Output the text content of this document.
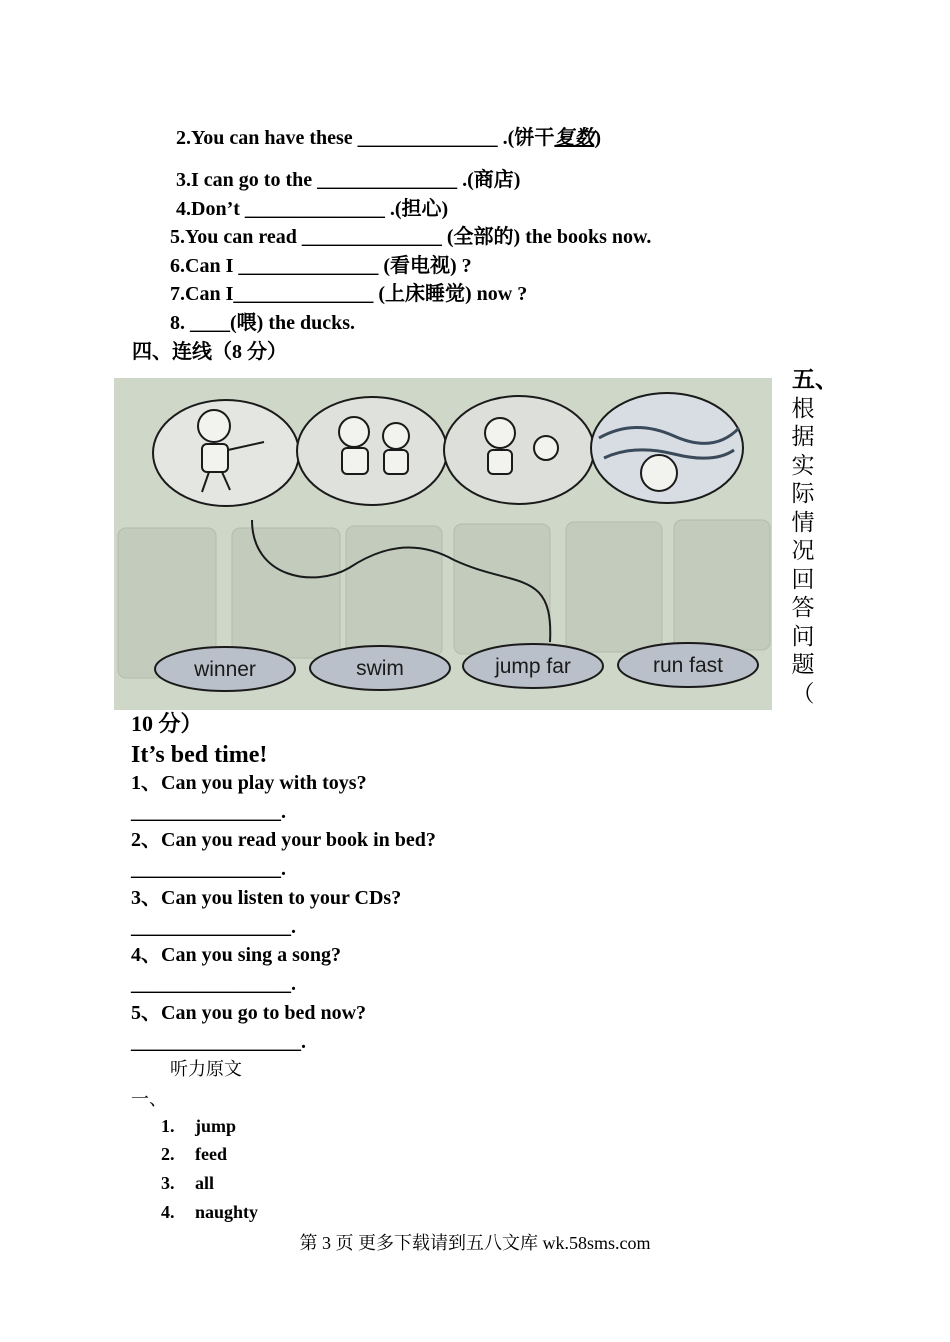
2.You can have these ______________ .(饼干复数)
3.I can go to the ______________ .(商店)
4.Don’t ______________ .(担心)
5.You can read ______________ (全部的) the books now.
6.Can I ______________ (看电视) ?
7.Can I______________ (上床睡觉) now ?
8. ____(喂) the ducks.
四、连线（8 分）
winner	swim	jump far	run fast
五、
根
据
实
际
情
况
回
答
问
题
（
10 分）
It’s bed time!
1、Can you play with toys?
_______________.
2、Can you read your book in bed?
_______________.
3、Can you listen to your CDs?
________________.
4、Can you sing a song?
________________.
5、Can you go to bed now?
_________________.
听力原文
一、
1. jump
2. feed
3. all
4. naughty
第 3 页 更多下载请到五八文库 wk.58sms.com
